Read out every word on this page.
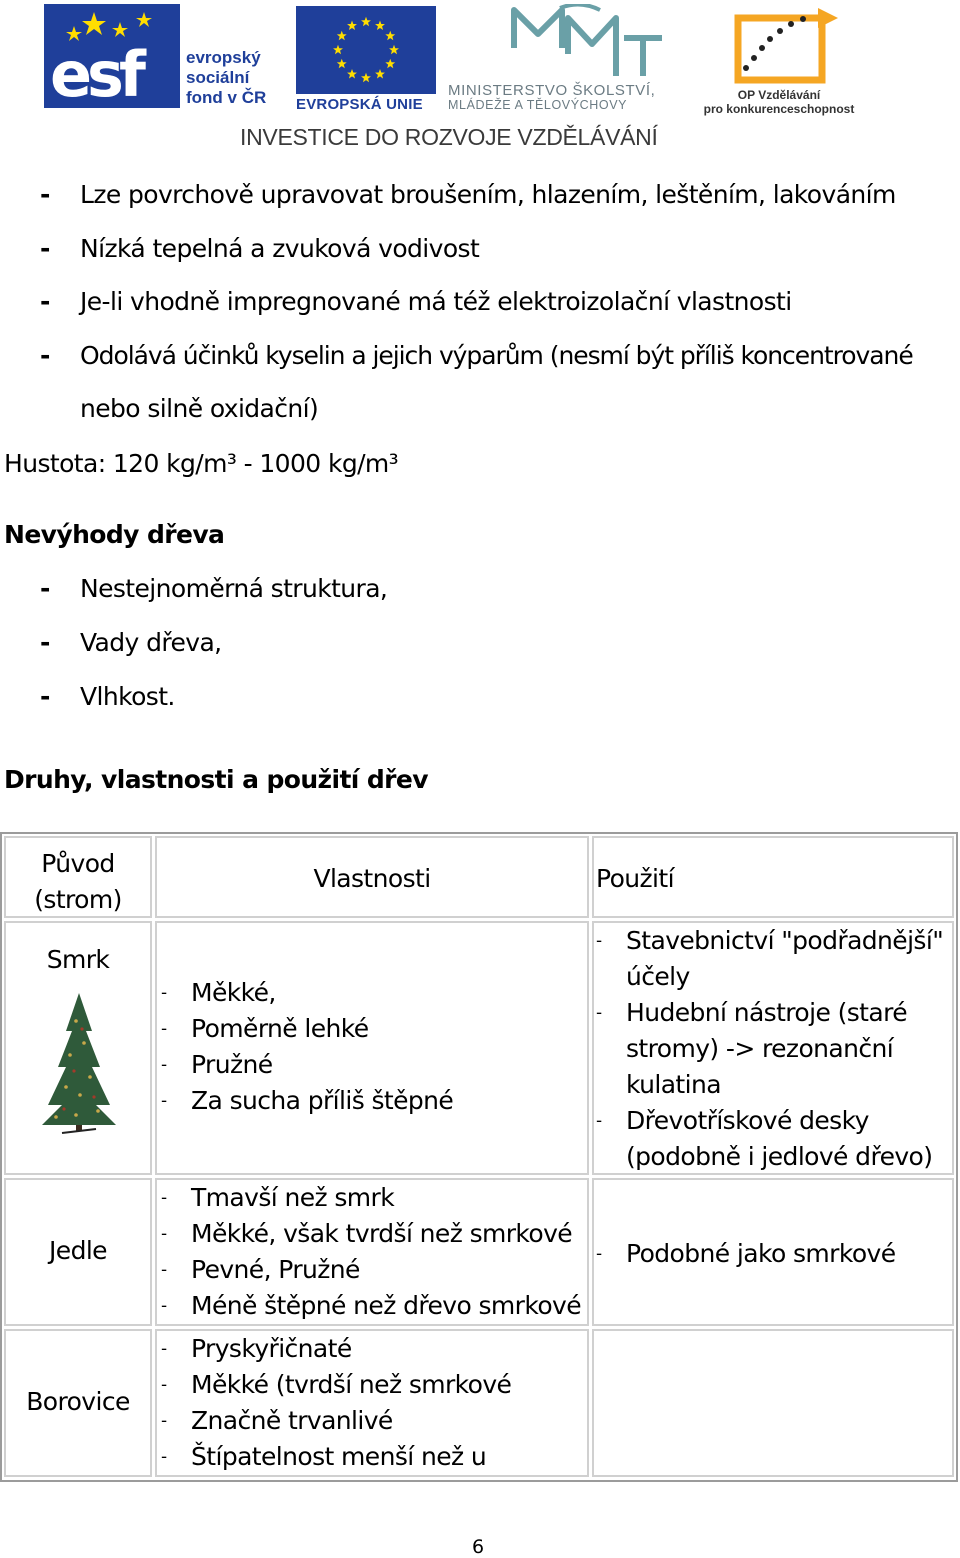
esf	evropský
sociální
fond v ČR EVROPSKÁ UNIE
MINISTERSTVO ŠKOLSTVÍ,
MLÁDEŽE A TĚLOVÝCHOVY
OP Vzdělávání
pro konkurenceschopnost
INVESTICE DO ROZVOJE VZDĚLÁVÁNÍ
- Lze povrchově upravovat broušením, hlazením, leštěním, lakováním
- Nízká tepelná a zvuková vodivost
- Je-li vhodně impregnované má též elektroizolační vlastnosti
- Odolává účinků kyselin a jejich výparům (nesmí být příliš koncentrované
nebo silně oxidační)
Hustota: 120 kg/m³ - 1000 kg/m³
Nevýhody dřeva
- Nestejnoměrná struktura,
- Vady dřeva,
- Vlhkost.
Druhy, vlastnosti a použití dřev
Původ
(strom)
Vlastnosti	Použití
Smrk
- Měkké,
- Poměrně lehké
- Pružné
- Za sucha příliš štěpné
- Stavebnictví "podřadnější" účely
- Hudební nástroje (staré stromy) -> rezonanční kulatina
- Dřevotřískové desky (podobně i jedlové dřevo)
Jedle
- Tmavší než smrk
- Měkké, však tvrdší než smrkové
- Pevné, Pružné
- Méně štěpné než dřevo smrkové
- Podobné jako smrkové
Borovice
- Pryskyřičnaté
- Měkké (tvrdší než smrkové
- Značně trvanlivé
- Štípatelnost menší než u
6
